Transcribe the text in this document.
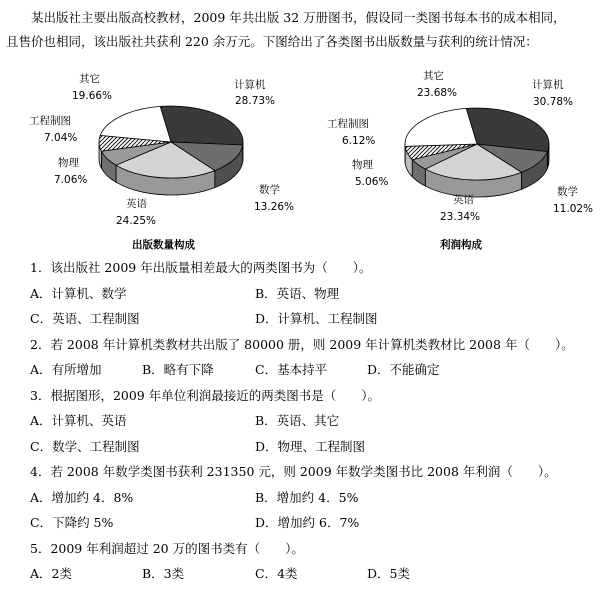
某出版社主要出版高校教材，2009 年共出版 32 万册图书，假设同一类图书每本书的成本相同，
且售价也相同，该出版社共获利 220 余万元。下图给出了各类图书出版数量与获利的统计情况：
其它
19.66%
计算机
28.73%
工程制图
7.04%
物理
7.06%
英语
24.25%
数学
13.26%
出版数量构成
其它
23.68%
计算机
30.78%
工程制图
6.12%
物理
5.06%
英语
23.34%
数学
11.02%
利润构成
1．该出版社 2009 年出版量相差最大的两类图书为（　　）。
A．计算机、数学	B．英语、物理
C．英语、工程制图	D．计算机、工程制图
2．若 2008 年计算机类教材共出版了 80000 册，则 2009 年计算机类教材比 2008 年（　　）。
A．有所增加	B．略有下降	C．基本持平	D．不能确定
3．根据图形，2009 年单位利润最接近的两类图书是（　　）。
A．计算机、英语	B．英语、其它
C．数学、工程制图	D．物理、工程制图
4．若 2008 年数学类图书获利 231350 元，则 2009 年数学类图书比 2008 年利润（　　）。
A．增加约 4．8%	B．增加约 4．5%
C．下降约 5%	D．增加约 6．7%
5．2009 年利润超过 20 万的图书类有（　　）。
A．2类	B．3类	C．4类	D．5类
